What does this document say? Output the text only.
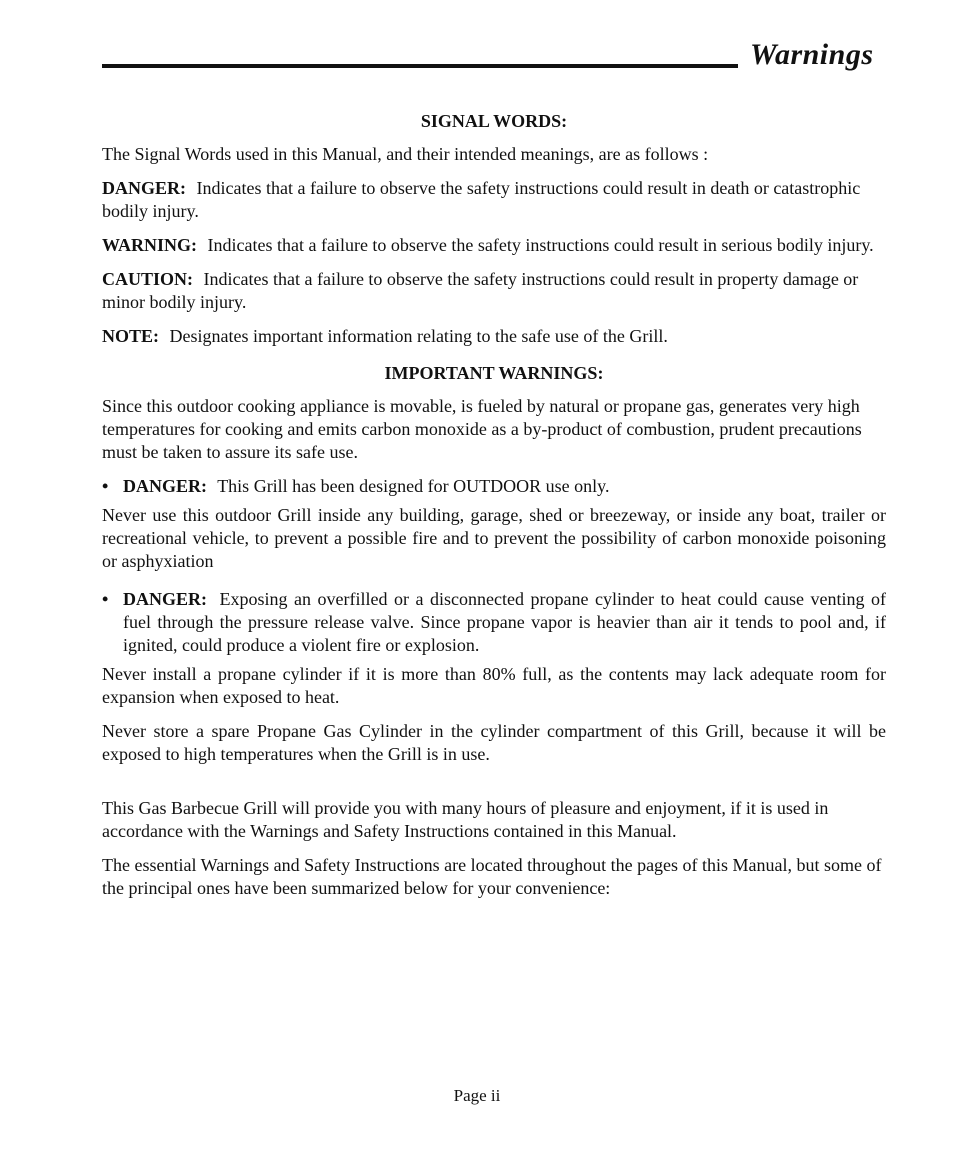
Warnings
SIGNAL WORDS:

The Signal Words used in this Manual, and their intended meanings, are as follows :

DANGER: Indicates that a failure to observe the safety instructions could result in death or catastrophic bodily injury.

WARNING: Indicates that a failure to observe the safety instructions could result in serious bodily injury.

CAUTION: Indicates that a failure to observe the safety instructions could result in property damage or minor bodily injury.

NOTE: Designates important information relating to the safe use of the Grill.

IMPORTANT WARNINGS:

Since this outdoor cooking appliance is movable, is fueled by natural or propane gas, generates very high temperatures for cooking and emits carbon monoxide as a by-product of combustion, prudent precautions must be taken to assure its safe use.

• DANGER: This Grill has been designed for OUTDOOR use only.

Never use this outdoor Grill inside any building, garage, shed or breezeway, or inside any boat, trailer or recreational vehicle, to prevent a possible fire and to prevent the possibility of carbon monoxide poisoning or asphyxiation

• DANGER: Exposing an overfilled or a disconnected propane cylinder to heat could cause venting of fuel through the pressure release valve. Since propane vapor is heavier than air it tends to pool and, if ignited, could produce a violent fire or explosion.

Never install a propane cylinder if it is more than 80% full, as the contents may lack adequate room for expansion when exposed to heat.

Never store a spare Propane Gas Cylinder in the cylinder compartment of this Grill, because it will be exposed to high temperatures when the Grill is in use.

This Gas Barbecue Grill will provide you with many hours of pleasure and enjoyment, if it is used in accordance with the Warnings and Safety Instructions contained in this Manual.

The essential Warnings and Safety Instructions are located throughout the pages of this Manual, but some of the principal ones have been summarized below for your convenience:

Page ii
